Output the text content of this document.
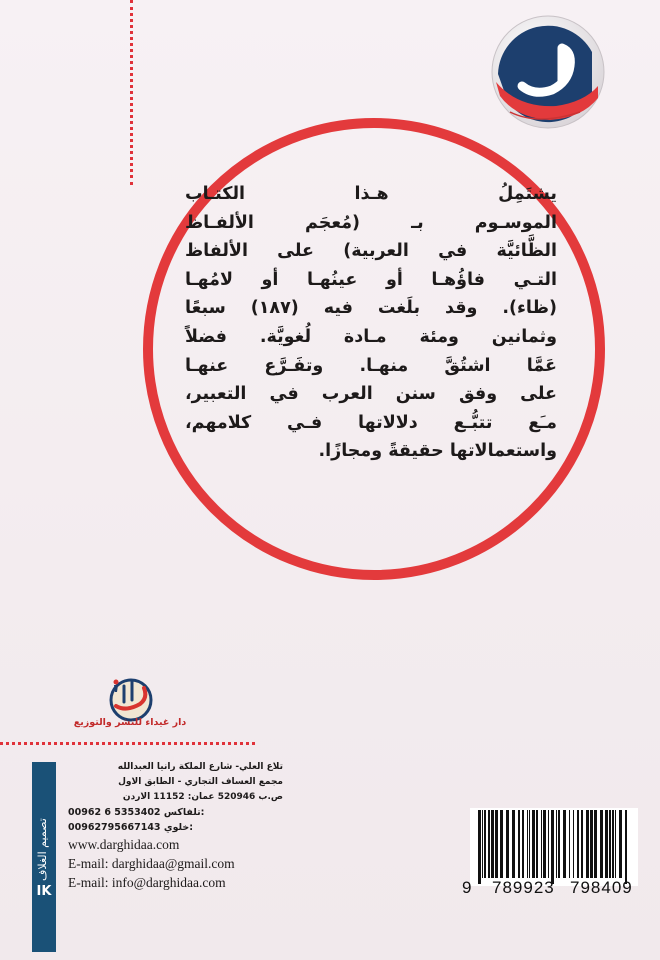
يشتَمِلُ هـذا الكتـاب
الموسـوم بـ (مُعجَم الألفـاظ
الظَّائيَّة في العربية) على الألفاظ
التـي فاؤُهـا أو عينُهـا أو لامُهـا
(ظاء). وقد بلَغت فيه (١٨٧) سبعًا
وثمانين ومئة مـادة لُغويَّة. فضلاً
عَمَّا اشتُقَّ منهـا. وتفَـرَّع عنهـا
على وفق سنن العرب في التعبير،
مـَع تتبُّـع دلالاتها فـي كلامهم،
واستعمالاتها حقيقةً ومجازًا.
دار غيداء للنشر والتوزيع
تصميم الغلاف
IK
تلاع العلي- شارع الملكة رانيا العبدالله
مجمع العساف التجاري - الطابق الاول
ص.ب 520946 عمان: 11152 الاردن
00962 6 5353402 تلفاكس:
00962795667143 خلوي:
www.darghidaa.com
E-mail: darghidaa@gmail.com
E-mail: info@darghidaa.com	9 789923 798409
